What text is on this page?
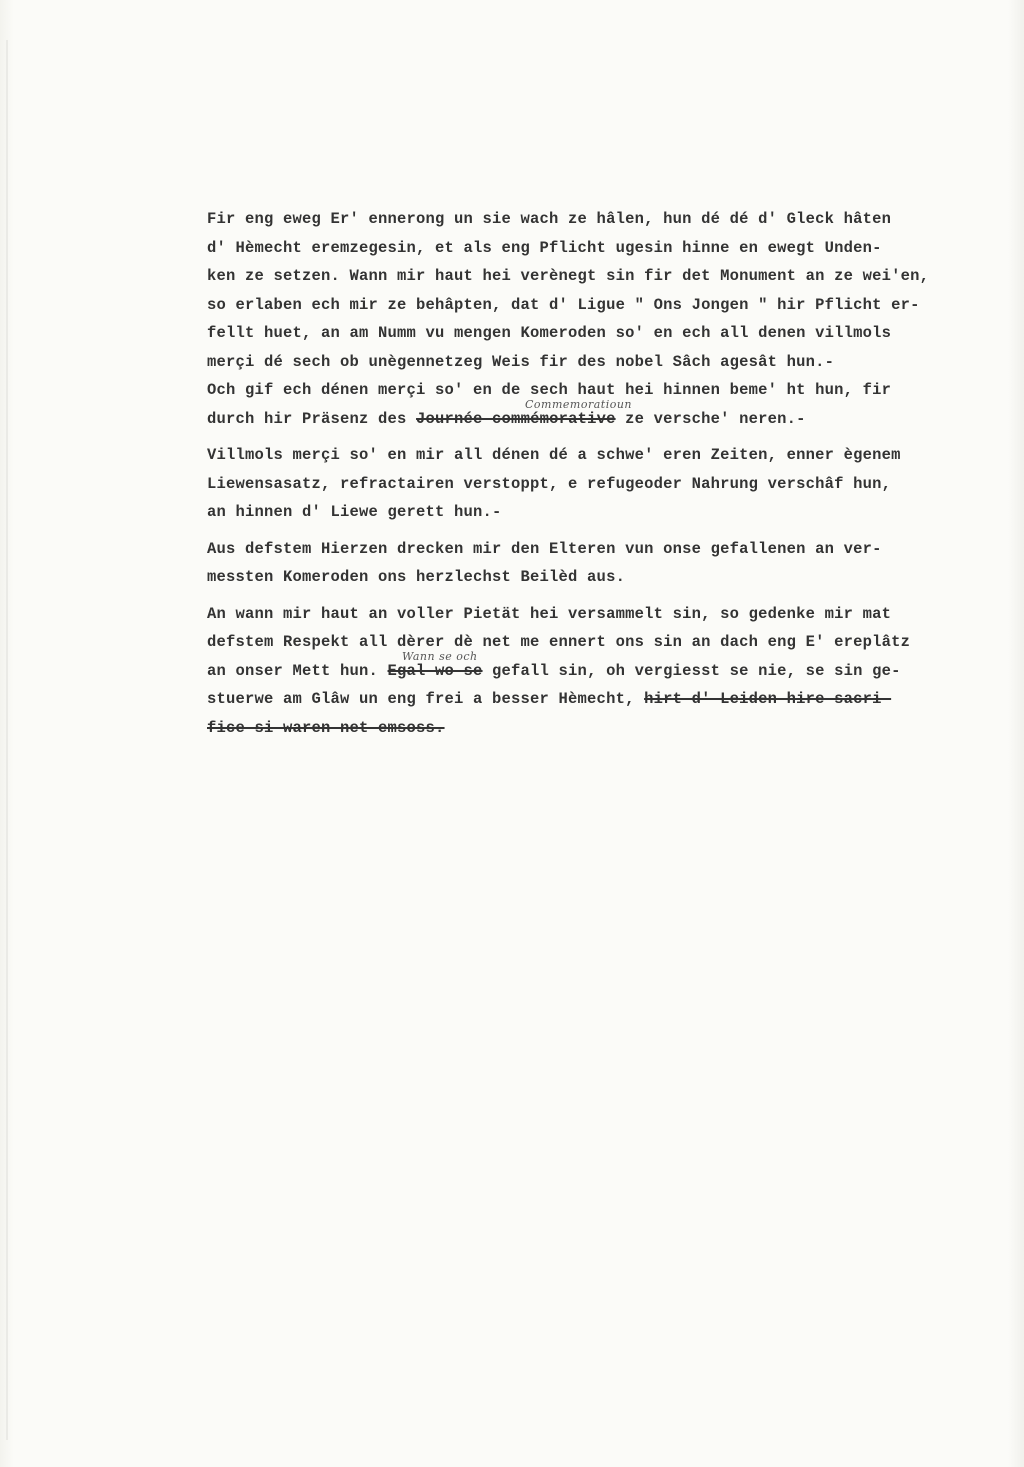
Fir eng eweg Er' ennerong un sie wach ze hâlen, hun dé dé d' Gleck hâten
d' Hèmecht eremzegesin, et als eng Pflicht ugesin hinne en ewegt Unden-
ken ze setzen. Wann mir haut hei verènegt sin fir det Monument an ze wei'en,
so erlaben ech mir ze behâpten, dat d' Ligue " Ons Jongen " hir Pflicht er-
fellt huet, an am Numm vu mengen Komeroden so' en ech all denen villmols
merçi dé sech ob unègennetzeg Weis fir des nobel Sâch agesât hun.-
Och gif ech dénen merçi so' en de sech haut hei hinnen beme' ht hun, fir
durch hir Präsenz des Journée commémorative ze versche' neren.-
Commemoratioun
Villmols merçi so' en mir all dénen dé a schwe' eren Zeiten, enner ègenem
Liewensasatz, refractairen verstoppt, e refugeoder Nahrung verschâf hun,
an hinnen d' Liewe gerett hun.-
Aus defstem Hierzen drecken mir den Elteren vun onse gefallenen an ver-
messten Komeroden ons herzlechst Beilèd aus.
An wann mir haut an voller Pietät hei versammelt sin, so gedenke mir mat
defstem Respekt all dèrer dè net me ennert ons sin an dach eng E' ereplâtz
an onser Mett hun. Egal wo se gefall sin, oh vergiesst se nie, se sin ge-
Wann se och
stuerwe am Glâw un eng frei a besser Hèmecht, hirt d' Leiden hire sacri-
fice si waren net emsoss.
